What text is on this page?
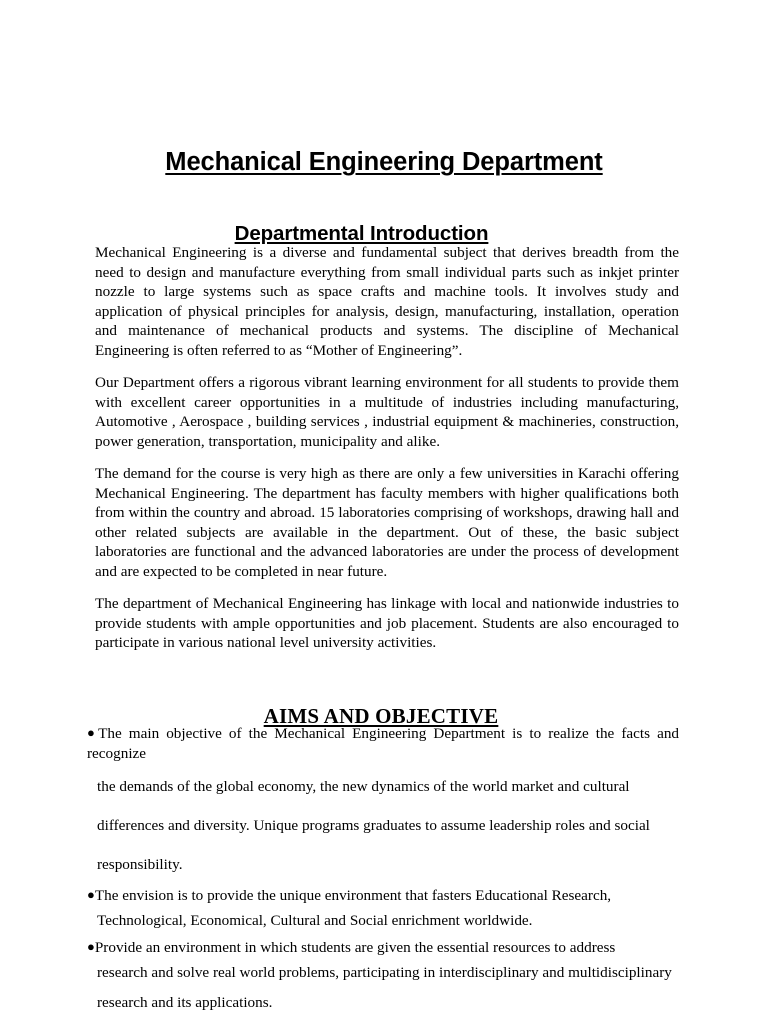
Mechanical Engineering Department
Departmental Introduction

Mechanical Engineering is a diverse and fundamental subject that derives breadth from the need to design and manufacture everything from small individual parts such as inkjet printer nozzle to large systems such as space crafts and machine tools. It involves study and application of physical principles for analysis, design, manufacturing, installation, operation and maintenance of mechanical products and systems. The discipline of Mechanical Engineering is often referred to as “Mother of Engineering”.

Our Department offers a rigorous vibrant learning environment for all students to provide them with excellent career opportunities in a multitude of industries including manufacturing, Automotive , Aerospace , building services , industrial equipment & machineries, construction, power generation, transportation, municipality and alike.

The demand for the course is very high as there are only a few universities in Karachi offering Mechanical Engineering. The department has faculty members with higher qualifications both from within the country and abroad. 15 laboratories comprising of workshops, drawing hall and other related subjects are available in the department. Out of these, the basic subject laboratories are functional and the advanced laboratories are under the process of development and are expected to be completed in near future.

The department of Mechanical Engineering has linkage with local and nationwide industries to provide students with ample opportunities and job placement. Students are also encouraged to participate in various national level university activities.

AIMS AND OBJECTIVE

●The main objective of the Mechanical Engineering Department is to realize the facts and recognize

the demands of the global economy, the new dynamics of the world market and cultural

differences and diversity. Unique programs graduates to assume leadership roles and social

responsibility.

●The envision is to provide the unique environment that fasters Educational Research,

Technological, Economical, Cultural and Social enrichment worldwide.

●Provide an environment in which students are given the essential resources to address

research and solve real world problems, participating in interdisciplinary and multidisciplinary

research and its applications.
